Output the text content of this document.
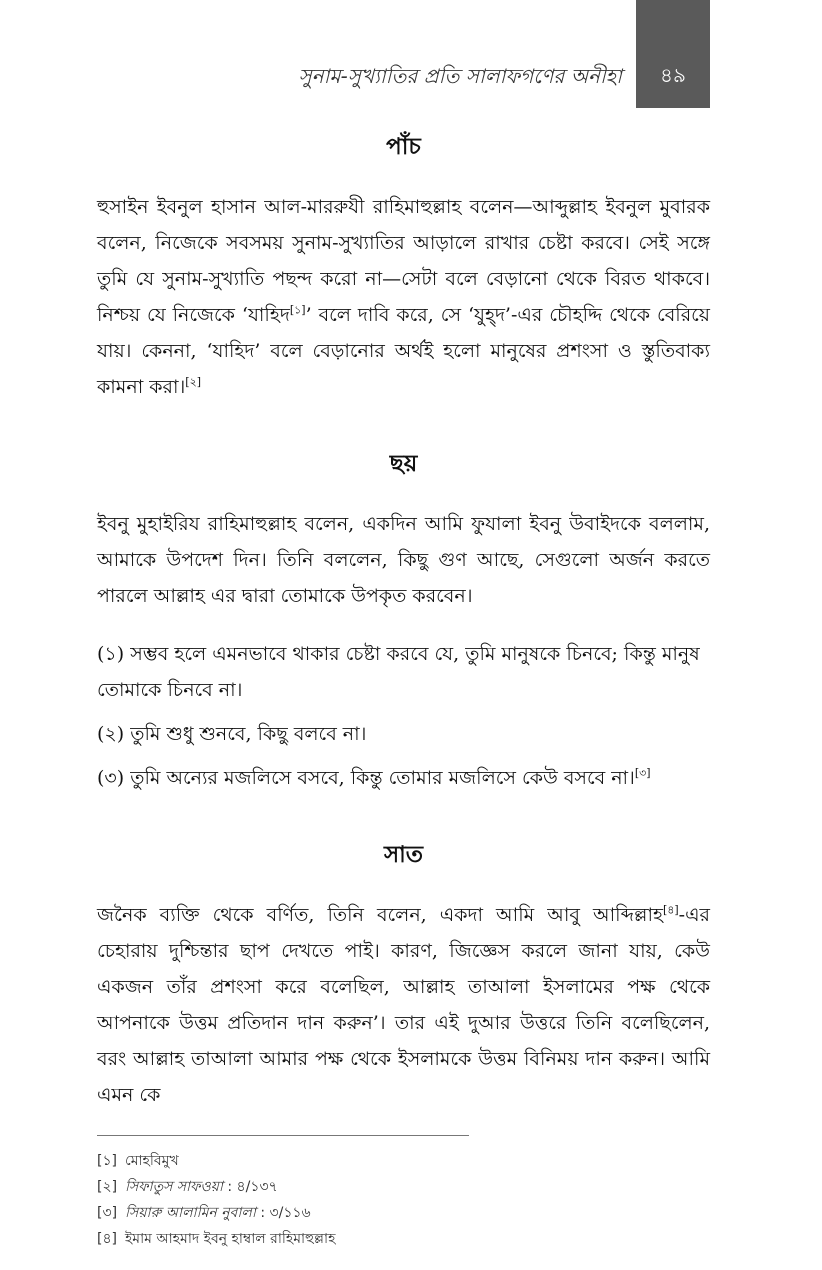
সুনাম-সুখ্যাতির প্রতি সালাফগণের অনীহা ৪৯
পাঁচ

হুসাইন ইবনুল হাসান আল-মাররুযী রাহিমাহুল্লাহ বলেন—আব্দুল্লাহ ইবনুল মুবারক বলেন, নিজেকে সবসময় সুনাম-সুখ্যাতির আড়ালে রাখার চেষ্টা করবে। সেই সঙ্গে তুমি যে সুনাম-সুখ্যাতি পছন্দ করো না—সেটা বলে বেড়ানো থেকে বিরত থাকবে। নিশ্চয় যে নিজেকে ‘যাহিদ[১]’ বলে দাবি করে, সে ‘যুহ্দ’-এর চৌহদ্দি থেকে বেরিয়ে যায়। কেননা, ‘যাহিদ’ বলে বেড়ানোর অর্থই হলো মানুষের প্রশংসা ও স্তুতিবাক্য কামনা করা।[২]

ছয়

ইবনু মুহাইরিয রাহিমাহুল্লাহ বলেন, একদিন আমি ফুযালা ইবনু উবাইদকে বললাম, আমাকে উপদেশ দিন। তিনি বললেন, কিছু গুণ আছে, সেগুলো অর্জন করতে পারলে আল্লাহ এর দ্বারা তোমাকে উপকৃত করবেন।

(১) সম্ভব হলে এমনভাবে থাকার চেষ্টা করবে যে, তুমি মানুষকে চিনবে; কিন্তু মানুষ তোমাকে চিনবে না।

(২) তুমি শুধু শুনবে, কিছু বলবে না।

(৩) তুমি অন্যের মজলিসে বসবে, কিন্তু তোমার মজলিসে কেউ বসবে না।[৩]

সাত

জনৈক ব্যক্তি থেকে বর্ণিত, তিনি বলেন, একদা আমি আবু আব্দিল্লাহ[৪]-এর চেহারায় দুশ্চিন্তার ছাপ দেখতে পাই। কারণ, জিজ্ঞেস করলে জানা যায়, কেউ একজন তাঁর প্রশংসা করে বলেছিল, আল্লাহ তাআলা ইসলামের পক্ষ থেকে আপনাকে উত্তম প্রতিদান দান করুন’। তার এই দুআর উত্তরে তিনি বলেছিলেন, বরং আল্লাহ তাআলা আমার পক্ষ থেকে ইসলামকে উত্তম বিনিময় দান করুন। আমি এমন কে

[১] মোহবিমুখ

[২] সিফাতুস সাফওয়া : ৪/১৩৭

[৩] সিয়ারু আলামিন নুবালা : ৩/১১৬

[৪] ইমাম আহমাদ ইবনু হাম্বাল রাহিমাহুল্লাহ
